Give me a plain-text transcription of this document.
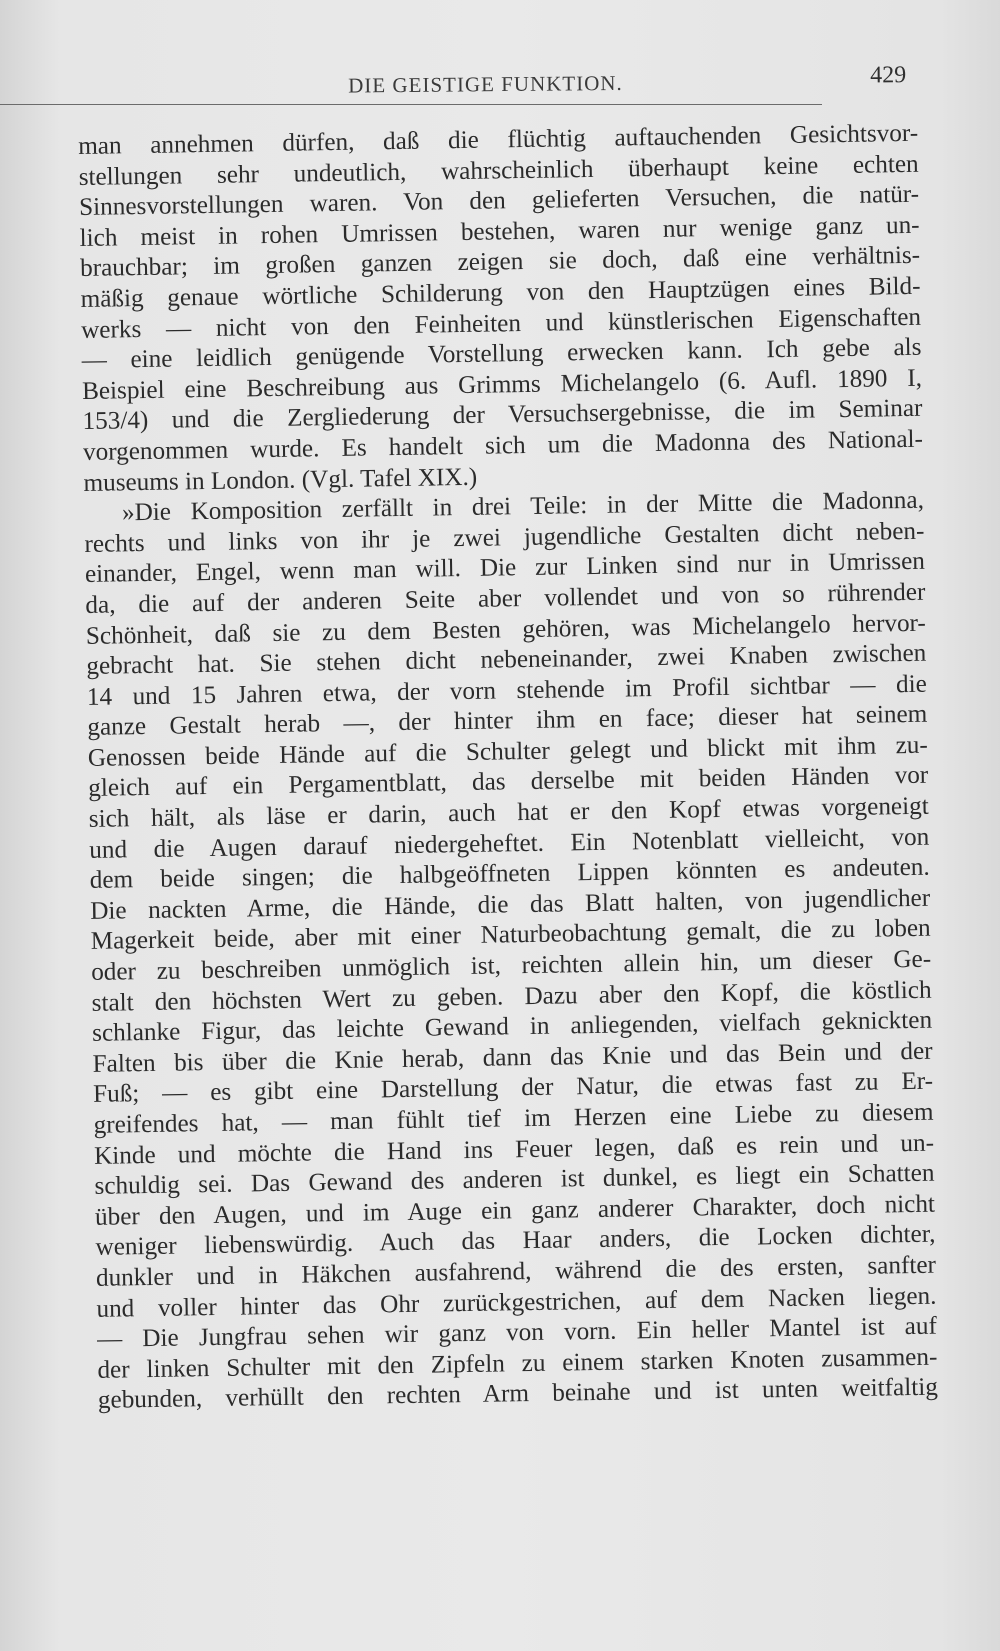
DIE GEISTIGE FUNKTION.	429
man annehmen dürfen, daß die flüchtig auftauchenden Gesichtsvor-
stellungen sehr undeutlich, wahrscheinlich überhaupt keine echten
Sinnesvorstellungen waren. Von den gelieferten Versuchen, die natür-
lich meist in rohen Umrissen bestehen, waren nur wenige ganz un-
brauchbar; im großen ganzen zeigen sie doch, daß eine verhältnis-
mäßig genaue wörtliche Schilderung von den Hauptzügen eines Bild-
werks — nicht von den Feinheiten und künstlerischen Eigenschaften
— eine leidlich genügende Vorstellung erwecken kann. Ich gebe als
Beispiel eine Beschreibung aus Grimms Michelangelo (6. Aufl. 1890 I,
153/4) und die Zergliederung der Versuchsergebnisse, die im Seminar
vorgenommen wurde. Es handelt sich um die Madonna des National-
museums in London. (Vgl. Tafel XIX.)
»Die Komposition zerfällt in drei Teile: in der Mitte die Madonna,
rechts und links von ihr je zwei jugendliche Gestalten dicht neben-
einander, Engel, wenn man will. Die zur Linken sind nur in Umrissen
da, die auf der anderen Seite aber vollendet und von so rührender
Schönheit, daß sie zu dem Besten gehören, was Michelangelo hervor-
gebracht hat. Sie stehen dicht nebeneinander, zwei Knaben zwischen
14 und 15 Jahren etwa, der vorn stehende im Profil sichtbar — die
ganze Gestalt herab —, der hinter ihm en face; dieser hat seinem
Genossen beide Hände auf die Schulter gelegt und blickt mit ihm zu-
gleich auf ein Pergamentblatt, das derselbe mit beiden Händen vor
sich hält, als läse er darin, auch hat er den Kopf etwas vorgeneigt
und die Augen darauf niedergeheftet. Ein Notenblatt vielleicht, von
dem beide singen; die halbgeöffneten Lippen könnten es andeuten.
Die nackten Arme, die Hände, die das Blatt halten, von jugendlicher
Magerkeit beide, aber mit einer Naturbeobachtung gemalt, die zu loben
oder zu beschreiben unmöglich ist, reichten allein hin, um dieser Ge-
stalt den höchsten Wert zu geben. Dazu aber den Kopf, die köstlich
schlanke Figur, das leichte Gewand in anliegenden, vielfach geknickten
Falten bis über die Knie herab, dann das Knie und das Bein und der
Fuß; — es gibt eine Darstellung der Natur, die etwas fast zu Er-
greifendes hat, — man fühlt tief im Herzen eine Liebe zu diesem
Kinde und möchte die Hand ins Feuer legen, daß es rein und un-
schuldig sei. Das Gewand des anderen ist dunkel, es liegt ein Schatten
über den Augen, und im Auge ein ganz anderer Charakter, doch nicht
weniger liebenswürdig. Auch das Haar anders, die Locken dichter,
dunkler und in Häkchen ausfahrend, während die des ersten, sanfter
und voller hinter das Ohr zurückgestrichen, auf dem Nacken liegen.
— Die Jungfrau sehen wir ganz von vorn. Ein heller Mantel ist auf
der linken Schulter mit den Zipfeln zu einem starken Knoten zusammen-
gebunden, verhüllt den rechten Arm beinahe und ist unten weitfaltig
